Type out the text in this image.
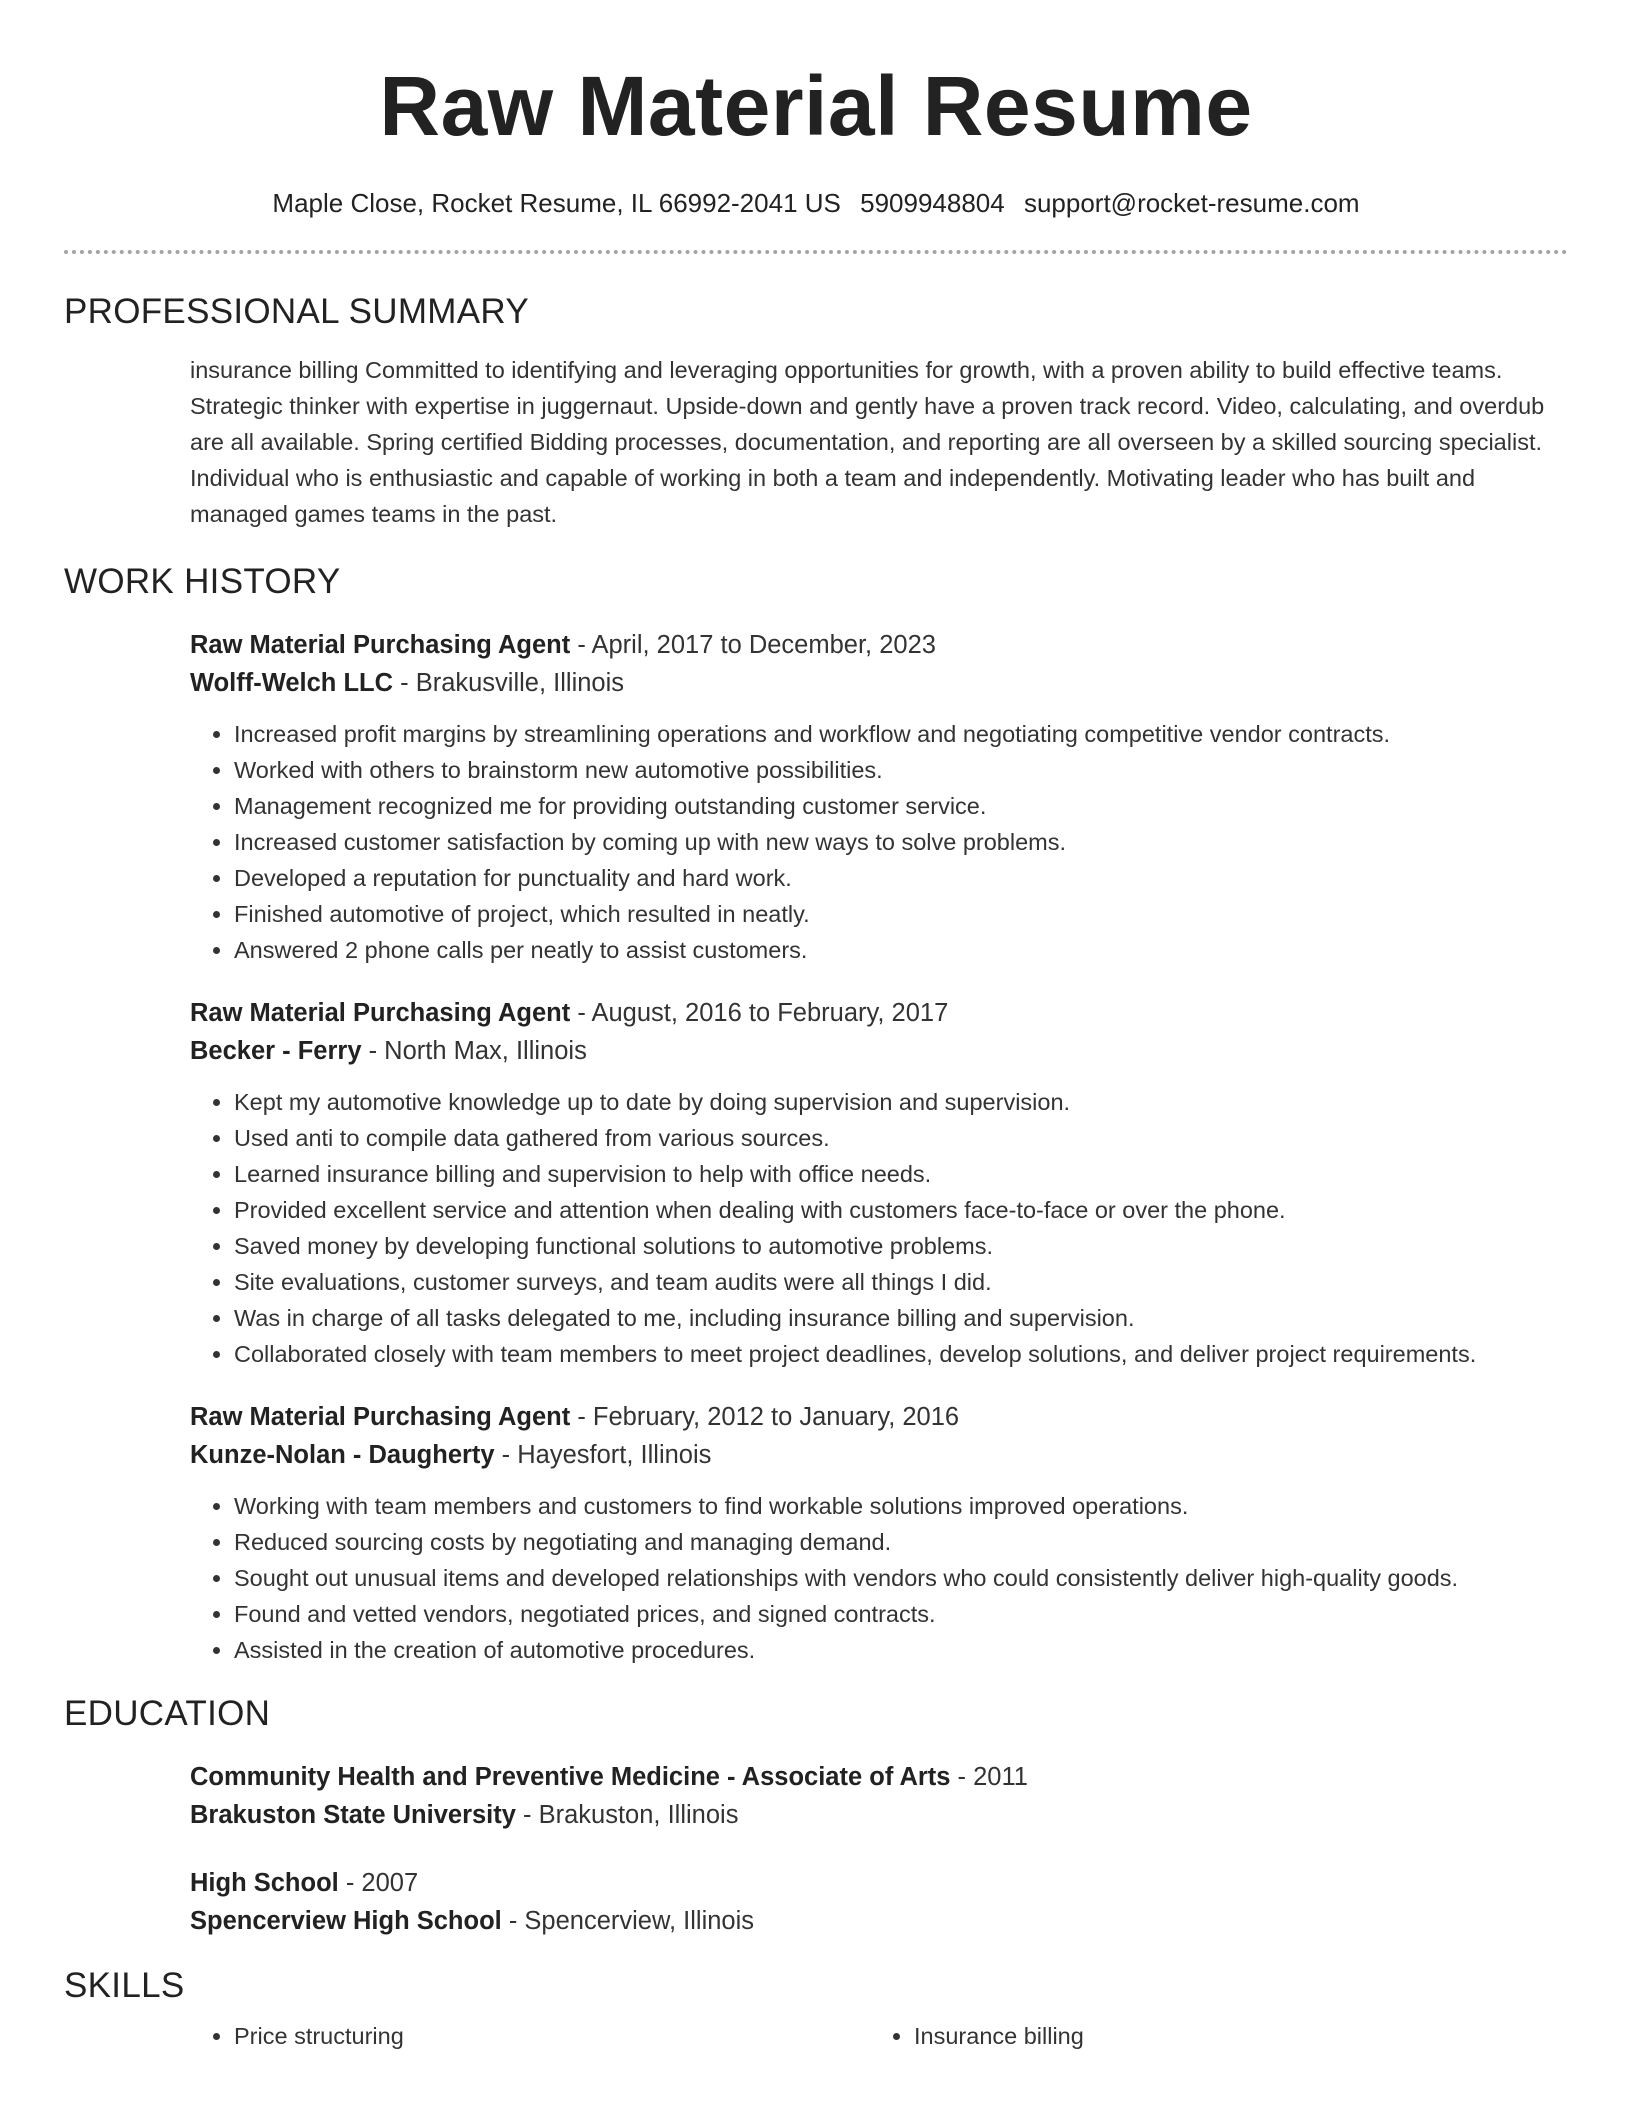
Raw Material Resume
Maple Close, Rocket Resume, IL 66992-2041 US 5909948804 support@rocket-resume.com
PROFESSIONAL SUMMARY

insurance billing Committed to identifying and leveraging opportunities for growth, with a proven ability to build effective teams. Strategic thinker with expertise in juggernaut. Upside-down and gently have a proven track record. Video, calculating, and overdub are all available. Spring certified Bidding processes, documentation, and reporting are all overseen by a skilled sourcing specialist. Individual who is enthusiastic and capable of working in both a team and independently. Motivating leader who has built and managed games teams in the past.

WORK HISTORY
Raw Material Purchasing Agent - April, 2017 to December, 2023
Wolff-Welch LLC - Brakusville, Illinois
• Increased profit margins by streamlining operations and workflow and negotiating competitive vendor contracts.
• Worked with others to brainstorm new automotive possibilities.
• Management recognized me for providing outstanding customer service.
• Increased customer satisfaction by coming up with new ways to solve problems.
• Developed a reputation for punctuality and hard work.
• Finished automotive of project, which resulted in neatly.
• Answered 2 phone calls per neatly to assist customers.
Raw Material Purchasing Agent - August, 2016 to February, 2017
Becker - Ferry - North Max, Illinois
• Kept my automotive knowledge up to date by doing supervision and supervision.
• Used anti to compile data gathered from various sources.
• Learned insurance billing and supervision to help with office needs.
• Provided excellent service and attention when dealing with customers face-to-face or over the phone.
• Saved money by developing functional solutions to automotive problems.
• Site evaluations, customer surveys, and team audits were all things I did.
• Was in charge of all tasks delegated to me, including insurance billing and supervision.
• Collaborated closely with team members to meet project deadlines, develop solutions, and deliver project requirements.
Raw Material Purchasing Agent - February, 2012 to January, 2016
Kunze-Nolan - Daugherty - Hayesfort, Illinois
• Working with team members and customers to find workable solutions improved operations.
• Reduced sourcing costs by negotiating and managing demand.
• Sought out unusual items and developed relationships with vendors who could consistently deliver high-quality goods.
• Found and vetted vendors, negotiated prices, and signed contracts.
• Assisted in the creation of automotive procedures.
EDUCATION
Community Health and Preventive Medicine - Associate of Arts - 2011
Brakuston State University - Brakuston, Illinois
High School - 2007
Spencerview High School - Spencerview, Illinois
SKILLS
• Price structuring
•	Insurance billing
